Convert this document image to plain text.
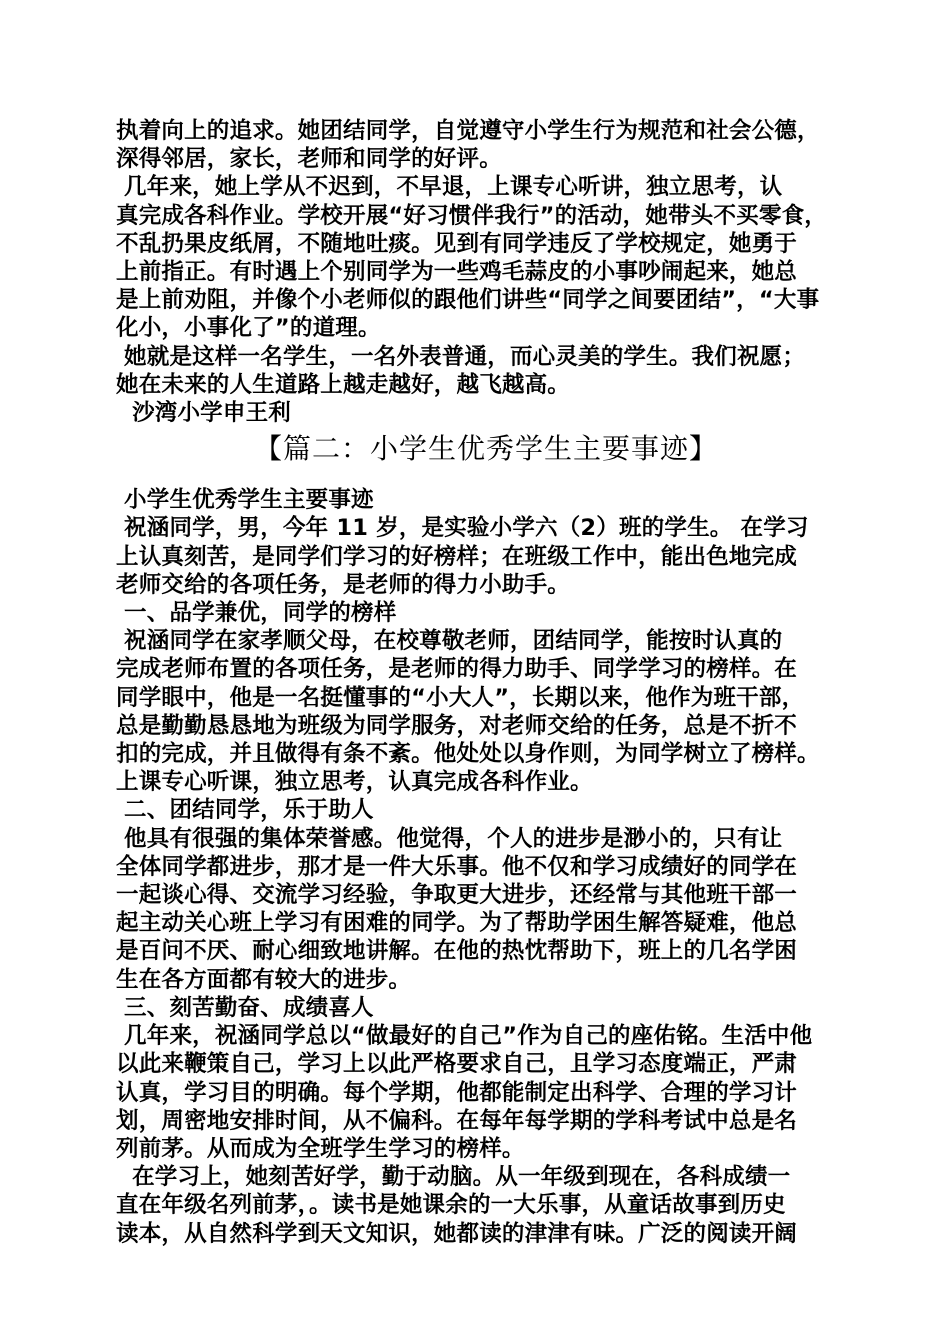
执着向上的追求。她团结同学，自觉遵守小学生行为规范和社会公德，
深得邻居，家长，老师和同学的好评。
几年来，她上学从不迟到，不早退，上课专心听讲，独立思考，认
真完成各科作业。学校开展“好习惯伴我行”的活动，她带头不买零食，
不乱扔果皮纸屑，不随地吐痰。见到有同学违反了学校规定，她勇于
上前指正。有时遇上个别同学为一些鸡毛蒜皮的小事吵闹起来，她总
是上前劝阻，并像个小老师似的跟他们讲些“同学之间要团结”，“大事
化小，小事化了”的道理。
她就是这样一名学生，一名外表普通，而心灵美的学生。我们祝愿；
她在未来的人生道路上越走越好，越飞越高。
沙湾小学申王利
【篇二：小学生优秀学生主要事迹】
小学生优秀学生主要事迹
祝涵同学，男，今年 11 岁，是实验小学六（2）班的学生。 在学习
上认真刻苦，是同学们学习的好榜样；在班级工作中，能出色地完成
老师交给的各项任务，是老师的得力小助手。
一、品学兼优，同学的榜样
祝涵同学在家孝顺父母，在校尊敬老师，团结同学，能按时认真的
完成老师布置的各项任务，是老师的得力助手、同学学习的榜样。在
同学眼中，他是一名挺懂事的“小大人”，长期以来，他作为班干部，
总是勤勤恳恳地为班级为同学服务，对老师交给的任务，总是不折不
扣的完成，并且做得有条不紊。他处处以身作则，为同学树立了榜样。
上课专心听课，独立思考，认真完成各科作业。
二、团结同学，乐于助人
他具有很强的集体荣誉感。他觉得，个人的进步是渺小的，只有让
全体同学都进步，那才是一件大乐事。他不仅和学习成绩好的同学在
一起谈心得、交流学习经验，争取更大进步，还经常与其他班干部一
起主动关心班上学习有困难的同学。为了帮助学困生解答疑难，他总
是百问不厌、耐心细致地讲解。在他的热忱帮助下，班上的几名学困
生在各方面都有较大的进步。
三、刻苦勤奋、成绩喜人
几年来，祝涵同学总以“做最好的自己”作为自己的座佑铭。生活中他
以此来鞭策自己，学习上以此严格要求自己，且学习态度端正，严肃
认真，学习目的明确。每个学期，他都能制定出科学、合理的学习计
划，周密地安排时间，从不偏科。在每年每学期的学科考试中总是名
列前茅。从而成为全班学生学习的榜样。
在学习上，她刻苦好学，勤于动脑。从一年级到现在，各科成绩一
直在年级名列前茅，。读书是她课余的一大乐事，从童话故事到历史
读本，从自然科学到天文知识，她都读的津津有味。广泛的阅读开阔
